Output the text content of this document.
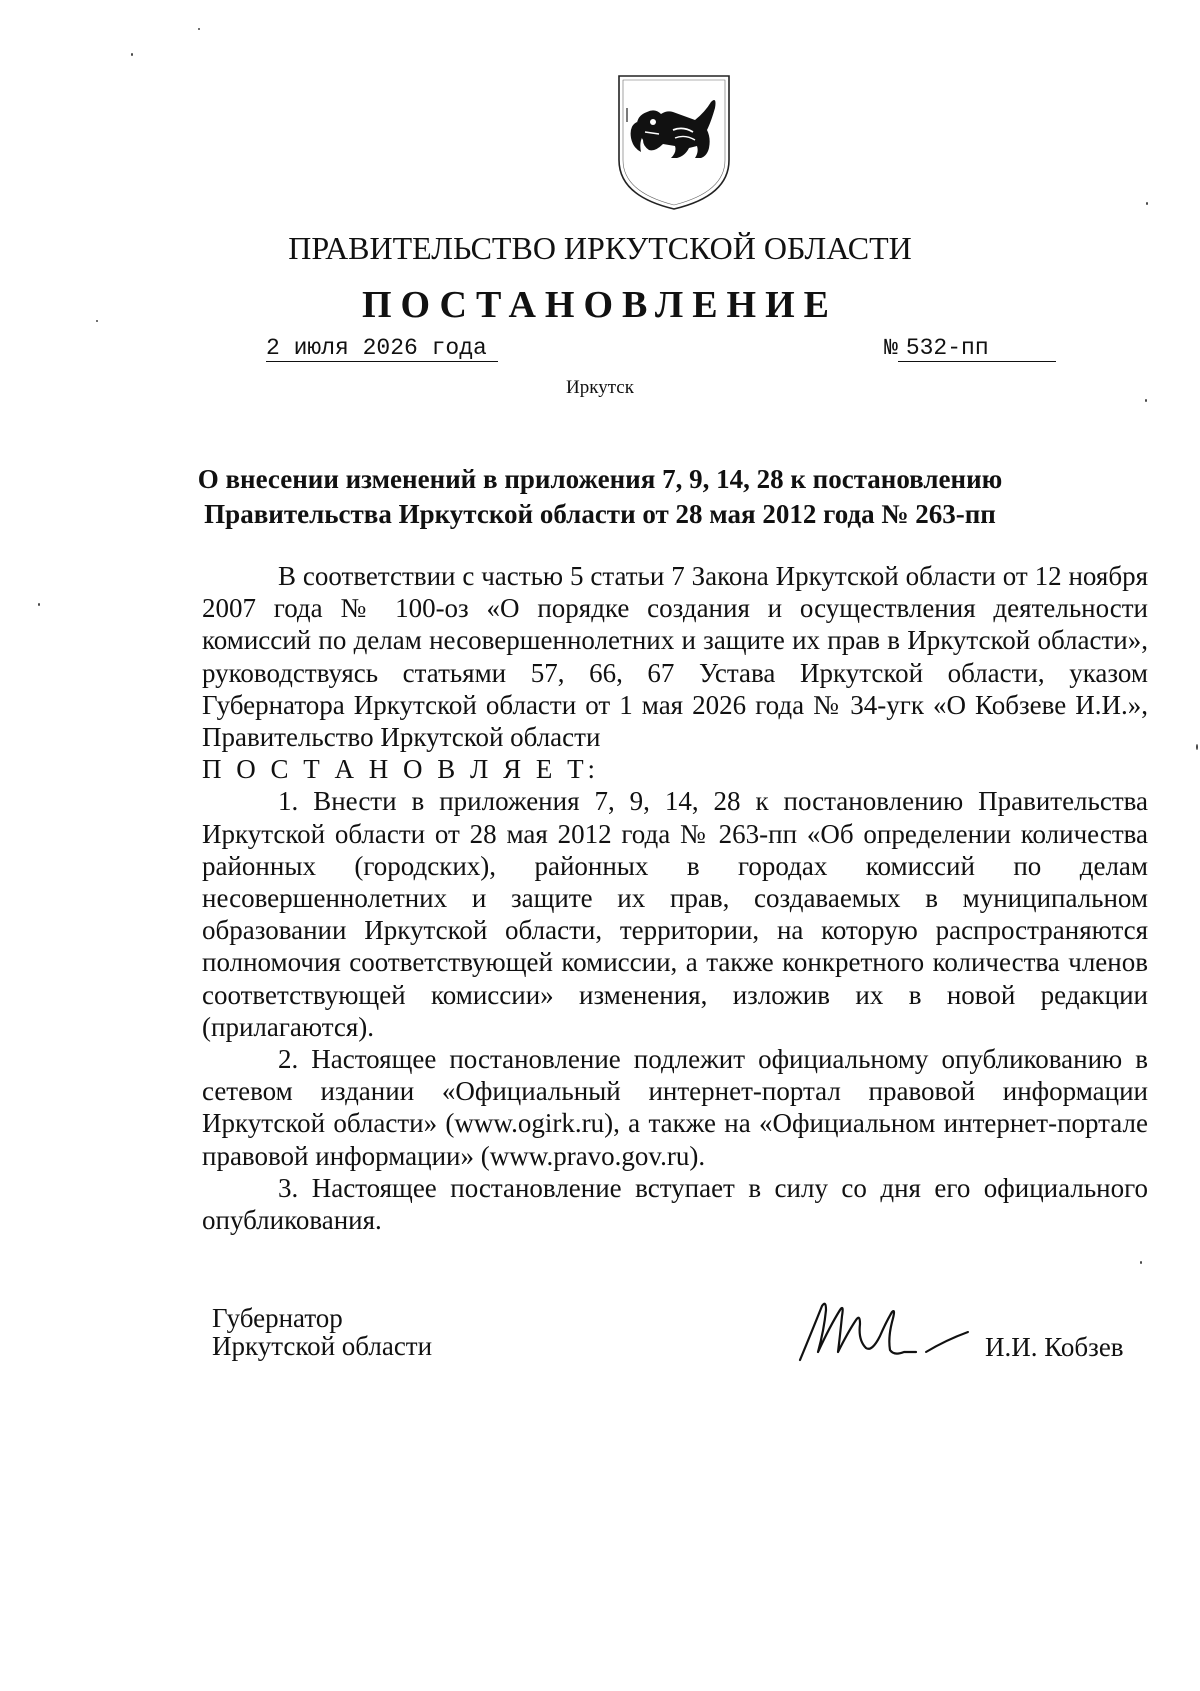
ПРАВИТЕЛЬСТВО ИРКУТСКОЙ ОБЛАСТИ
ПОСТАНОВЛЕНИЕ
2 июля 2026 года	№ 532-пп
Иркутск
О внесении изменений в приложения 7, 9, 14, 28 к постановлению
Правительства Иркутской области от 28 мая 2012 года № 263-пп

В соответствии с частью 5 статьи 7 Закона Иркутской области от 12 ноября 2007 года № 100-оз «О порядке создания и осуществления деятельности комиссий по делам несовершеннолетних и защите их прав в Иркутской области», руководствуясь статьями 57, 66, 67 Устава Иркутской области, указом Губернатора Иркутской области от 1 мая 2026 года № 34-угк «О Кобзеве И.И.», Правительство Иркутской области

П О С Т А Н О В Л Я Е Т:

1. Внести в приложения 7, 9, 14, 28 к постановлению Правительства Иркутской области от 28 мая 2012 года № 263-пп «Об определении количества районных (городских), районных в городах комиссий по делам несовершеннолетних и защите их прав, создаваемых в муниципальном образовании Иркутской области, территории, на которую распространяются полномочия соответствующей комиссии, а также конкретного количества членов соответствующей комиссии» изменения, изложив их в новой редакции (прилагаются).

2. Настоящее постановление подлежит официальному опубликованию в сетевом издании «Официальный интернет-портал правовой информации Иркутской области» (www.ogirk.ru), а также на «Официальном интернет-портале правовой информации» (www.pravo.gov.ru).

3. Настоящее постановление вступает в силу со дня его официального опубликования.

Губернатор
Иркутской области	И.И. Кобзев
